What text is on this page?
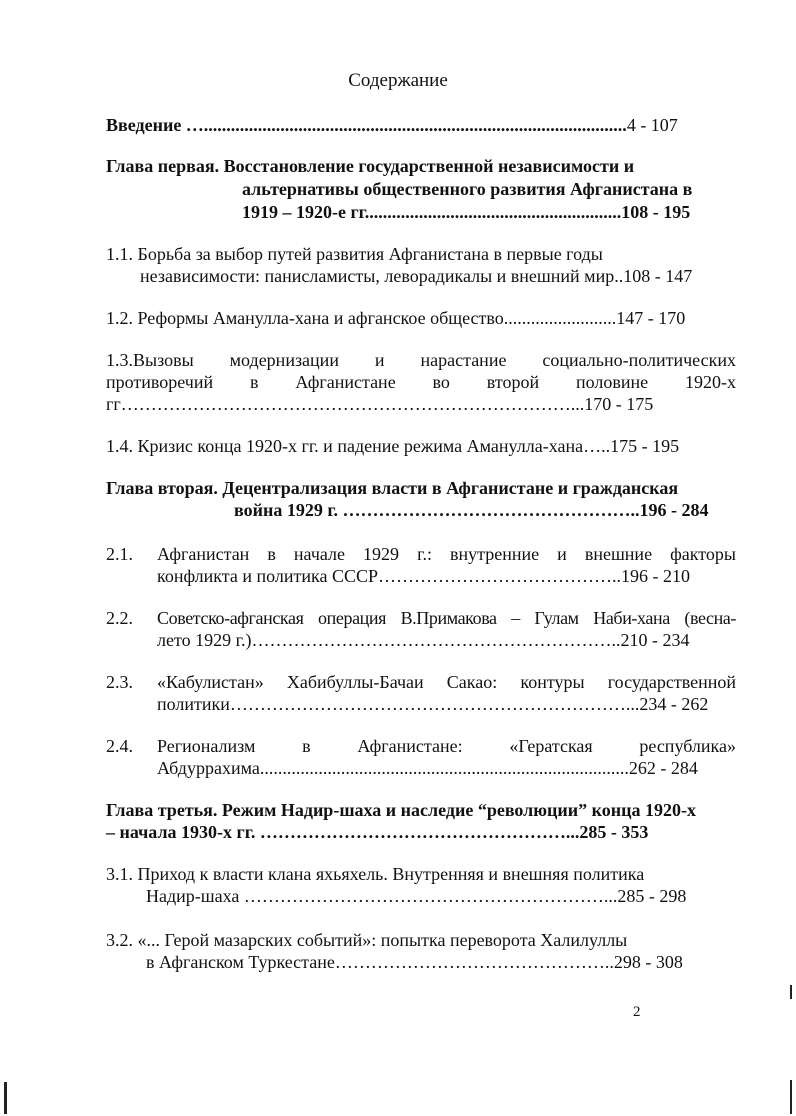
Содержание
Введение …..............................................................................................4 - 107
Глава первая. Восстановление государственной независимости и
альтернативы общественного развития Афганистана в
1919 – 1920-е гг.........................................................108 - 195
1.1. Борьба за выбор путей развития Афганистана в первые годы
независимости: панисламисты, леворадикалы и внешний мир..108 - 147
1.2. Реформы Аманулла-хана и афганское общество.........................147 - 170
1.3.Вызовы модернизации и нарастание социально-политических
противоречий в Афганистане во второй половине 1920-х
гг…………………………………………………………………...170 - 175
1.4. Кризис конца 1920-х гг. и падение режима Аманулла-хана…..175 - 195
Глава вторая. Децентрализация власти в Афганистане и гражданская
война 1929 г. …………………………………………..196 - 284
2.1. Афганистан в начале 1929 г.: внутренние и внешние факторы
конфликта и политика СССР…………………………………..196 - 210
2.2. Советско-афганская операция В.Примакова – Гулам Наби-хана (весна-
лето 1929 г.)……………………………………………………..210 - 234
2.3. «Кабулистан» Хабибуллы-Бачаи Сакао: контуры государственной
политики…………………………………………………………...234 - 262
2.4. Регионализм в Афганистане: «Гератская республика»
Абдуррахима..................................................................................262 - 284
Глава третья. Режим Надир-шаха и наследие “революции” конца 1920-х
– начала 1930-х гг. ……………………………………………...285 - 353
3.1. Приход к власти клана яхьяхель. Внутренняя и внешняя политика
Надир-шаха ……………………………………………………...285 - 298
3.2. «... Герой мазарских событий»: попытка переворота Халилуллы
в Афганском Туркестане………………………………………..298 - 308
2
